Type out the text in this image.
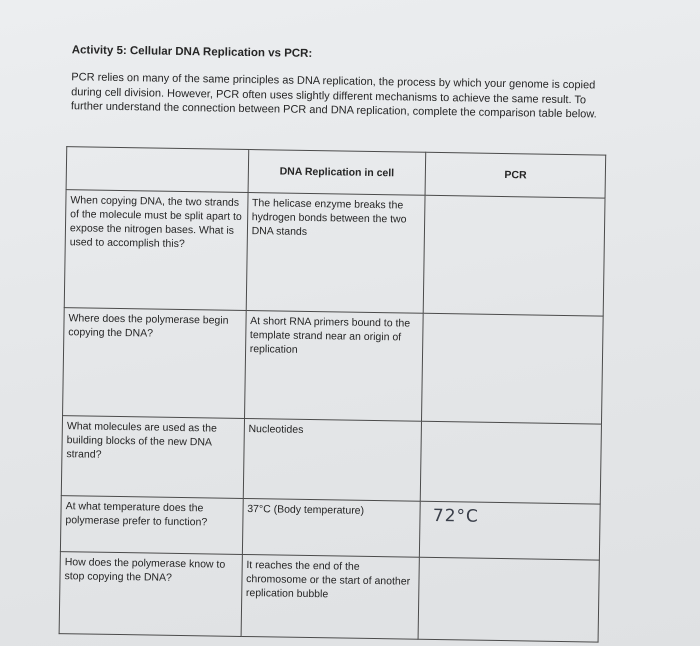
Activity 5: Cellular DNA Replication vs PCR:
PCR relies on many of the same principles as DNA replication, the process by which your genome is copied during cell division. However, PCR often uses slightly different mechanisms to achieve the same result. To further understand the connection between PCR and DNA replication, complete the comparison table below.
	DNA Replication in cell	PCR
When copying DNA, the two strands of the molecule must be split apart to expose the nitrogen bases. What is used to accomplish this?	The helicase enzyme breaks the hydrogen bonds between the two DNA stands	
Where does the polymerase begin copying the DNA?	At short RNA primers bound to the template strand near an origin of replication	
What molecules are used as the building blocks of the new DNA strand?	Nucleotides	
At what temperature does the polymerase prefer to function?	37°C (Body temperature)	72°C
How does the polymerase know to stop copying the DNA?	It reaches the end of the chromosome or the start of another replication bubble	
